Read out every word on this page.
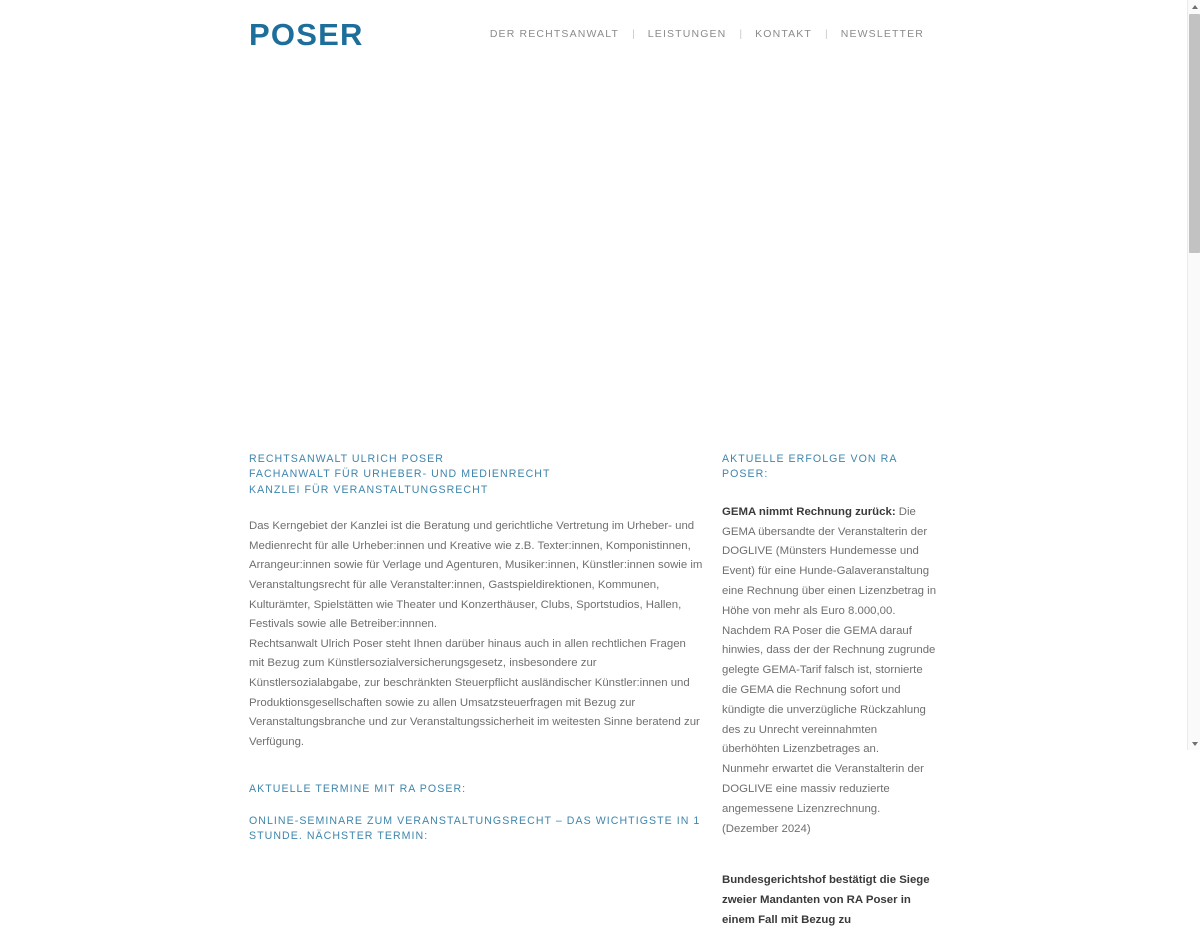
POSER	DER RECHTSANWALT | LEISTUNGEN | KONTAKT | NEWSLETTER
RECHTSANWALT ULRICH POSER
FACHANWALT FÜR URHEBER- UND MEDIENRECHT
KANZLEI FÜR VERANSTALTUNGSRECHT

Das Kerngebiet der Kanzlei ist die Beratung und gerichtliche Vertretung im Urheber- und Medienrecht für alle Urheber:innen und Kreative wie z.B. Texter:innen, Komponistinnen, Arrangeur:innen sowie für Verlage und Agenturen, Musiker:innen, Künstler:innen sowie im Veranstaltungsrecht für alle Veranstalter:innen, Gastspieldirektionen, Kommunen, Kulturämter, Spielstätten wie Theater und Konzerthäuser, Clubs, Sportstudios, Hallen, Festivals sowie alle Betreiber:innnen.

Rechtsanwalt Ulrich Poser steht Ihnen darüber hinaus auch in allen rechtlichen Fragen mit Bezug zum Künstlersozialversicherungsgesetz, insbesondere zur Künstlersozialabgabe, zur beschränkten Steuerpflicht ausländischer Künstler:innen und Produktionsgesellschaften sowie zu allen Umsatzsteuerfragen mit Bezug zur Veranstaltungsbranche und zur Veranstaltungssicherheit im weitesten Sinne beratend zur Verfügung.

AKTUELLE TERMINE MIT RA POSER:
ONLINE-SEMINARE ZUM VERANSTALTUNGSRECHT – DAS WICHTIGSTE IN 1 STUNDE. NÄCHSTER TERMIN:
AKTUELLE ERFOLGE VON RA POSER:

GEMA nimmt Rechnung zurück: Die GEMA übersandte der Veranstalterin der DOGLIVE (Münsters Hundemesse und Event) für eine Hunde-Galaveranstaltung eine Rechnung über einen Lizenzbetrag in Höhe von mehr als Euro 8.000,00. Nachdem RA Poser die GEMA darauf hinwies, dass der der Rechnung zugrunde gelegte GEMA-Tarif falsch ist, stornierte die GEMA die Rechnung sofort und kündigte die unverzügliche Rückzahlung des zu Unrecht vereinnahmten überhöhten Lizenzbetrages an.

Nunmehr erwartet die Veranstalterin der DOGLIVE eine massiv reduzierte angemessene Lizenzrechnung.

(Dezember 2024)

Bundesgerichtshof bestätigt die Siege zweier Mandanten von RA Poser in einem Fall mit Bezug zu
